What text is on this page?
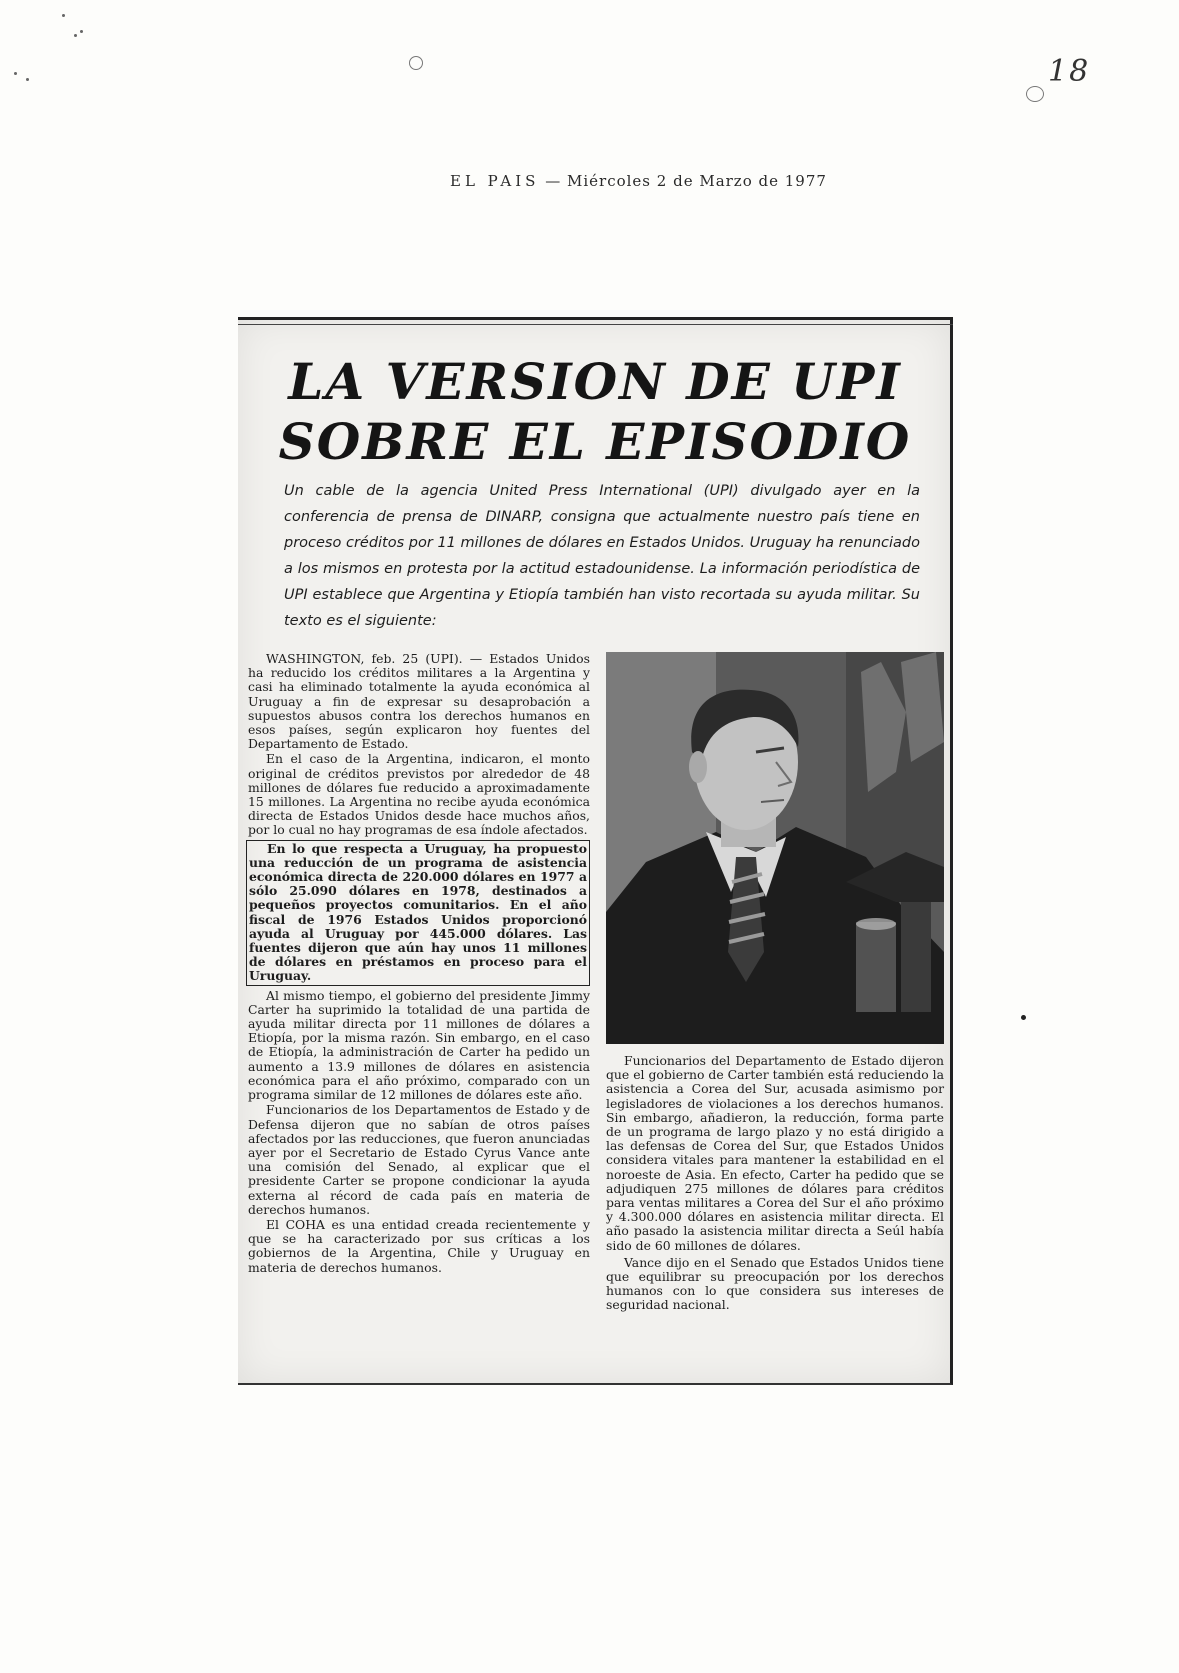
18
EL PAIS — Miércoles 2 de Marzo de 1977
LA VERSION DE UPI
SOBRE EL EPISODIO
Un cable de la agencia United Press International (UPI) divulgado ayer en la conferencia de prensa de DINARP, consigna que actualmente nuestro país tiene en proceso créditos por 11 millones de dólares en Estados Unidos. Uruguay ha renunciado a los mismos en protesta por la actitud estadounidense. La información periodística de UPI establece que Argentina y Etiopía también han visto recortada su ayuda militar. Su texto es el siguiente:

WASHINGTON, feb. 25 (UPI). — Estados Unidos ha reducido los créditos militares a la Argentina y casi ha eliminado totalmente la ayuda económica al Uruguay a fin de expresar su desaprobación a supuestos abusos contra los derechos humanos en esos países, según explicaron hoy fuentes del Departamento de Estado.

En el caso de la Argentina, indicaron, el monto original de créditos previstos por alrededor de 48 millones de dólares fue reducido a aproximadamente 15 millones. La Argentina no recibe ayuda económica directa de Estados Unidos desde hace muchos años, por lo cual no hay programas de esa índole afectados.

En lo que respecta a Uruguay, ha propuesto una reducción de un programa de asistencia económica directa de 220.000 dólares en 1977 a sólo 25.090 dólares en 1978, destinados a pequeños proyectos comunitarios. En el año fiscal de 1976 Estados Unidos proporcionó ayuda al Uruguay por 445.000 dólares. Las fuentes dijeron que aún hay unos 11 millones de dólares en préstamos en proceso para el Uruguay.

Al mismo tiempo, el gobierno del presidente Jimmy Carter ha suprimido la totalidad de una partida de ayuda militar directa por 11 millones de dólares a Etiopía, por la misma razón. Sin embargo, en el caso de Etiopía, la administración de Carter ha pedido un aumento a 13.9 millones de dólares en asistencia económica para el año próximo, comparado con un programa similar de 12 millones de dólares este año.

Funcionarios de los Departamentos de Estado y de Defensa dijeron que no sabían de otros países afectados por las reducciones, que fueron anunciadas ayer por el Secretario de Estado Cyrus Vance ante una comisión del Senado, al explicar que el presidente Carter se propone condicionar la ayuda externa al récord de cada país en materia de derechos humanos.

El COHA es una entidad creada recientemente y que se ha caracterizado por sus críticas a los gobiernos de la Argentina, Chile y Uruguay en materia de derechos humanos.

Funcionarios del Departamento de Estado dijeron que el gobierno de Carter también está reduciendo la asistencia a Corea del Sur, acusada asimismo por legisladores de violaciones a los derechos humanos. Sin embargo, añadieron, la reducción, forma parte de un programa de largo plazo y no está dirigido a las defensas de Corea del Sur, que Estados Unidos considera vitales para mantener la estabilidad en el noroeste de Asia. En efecto, Carter ha pedido que se adjudiquen 275 millones de dólares para créditos para ventas militares a Corea del Sur el año próximo y 4.300.000 dólares en asistencia militar directa. El año pasado la asistencia militar directa a Seúl había sido de 60 millones de dólares.

Vance dijo en el Senado que Estados Unidos tiene que equilibrar su preocupación por los derechos humanos con lo que considera sus intereses de seguridad nacional.
